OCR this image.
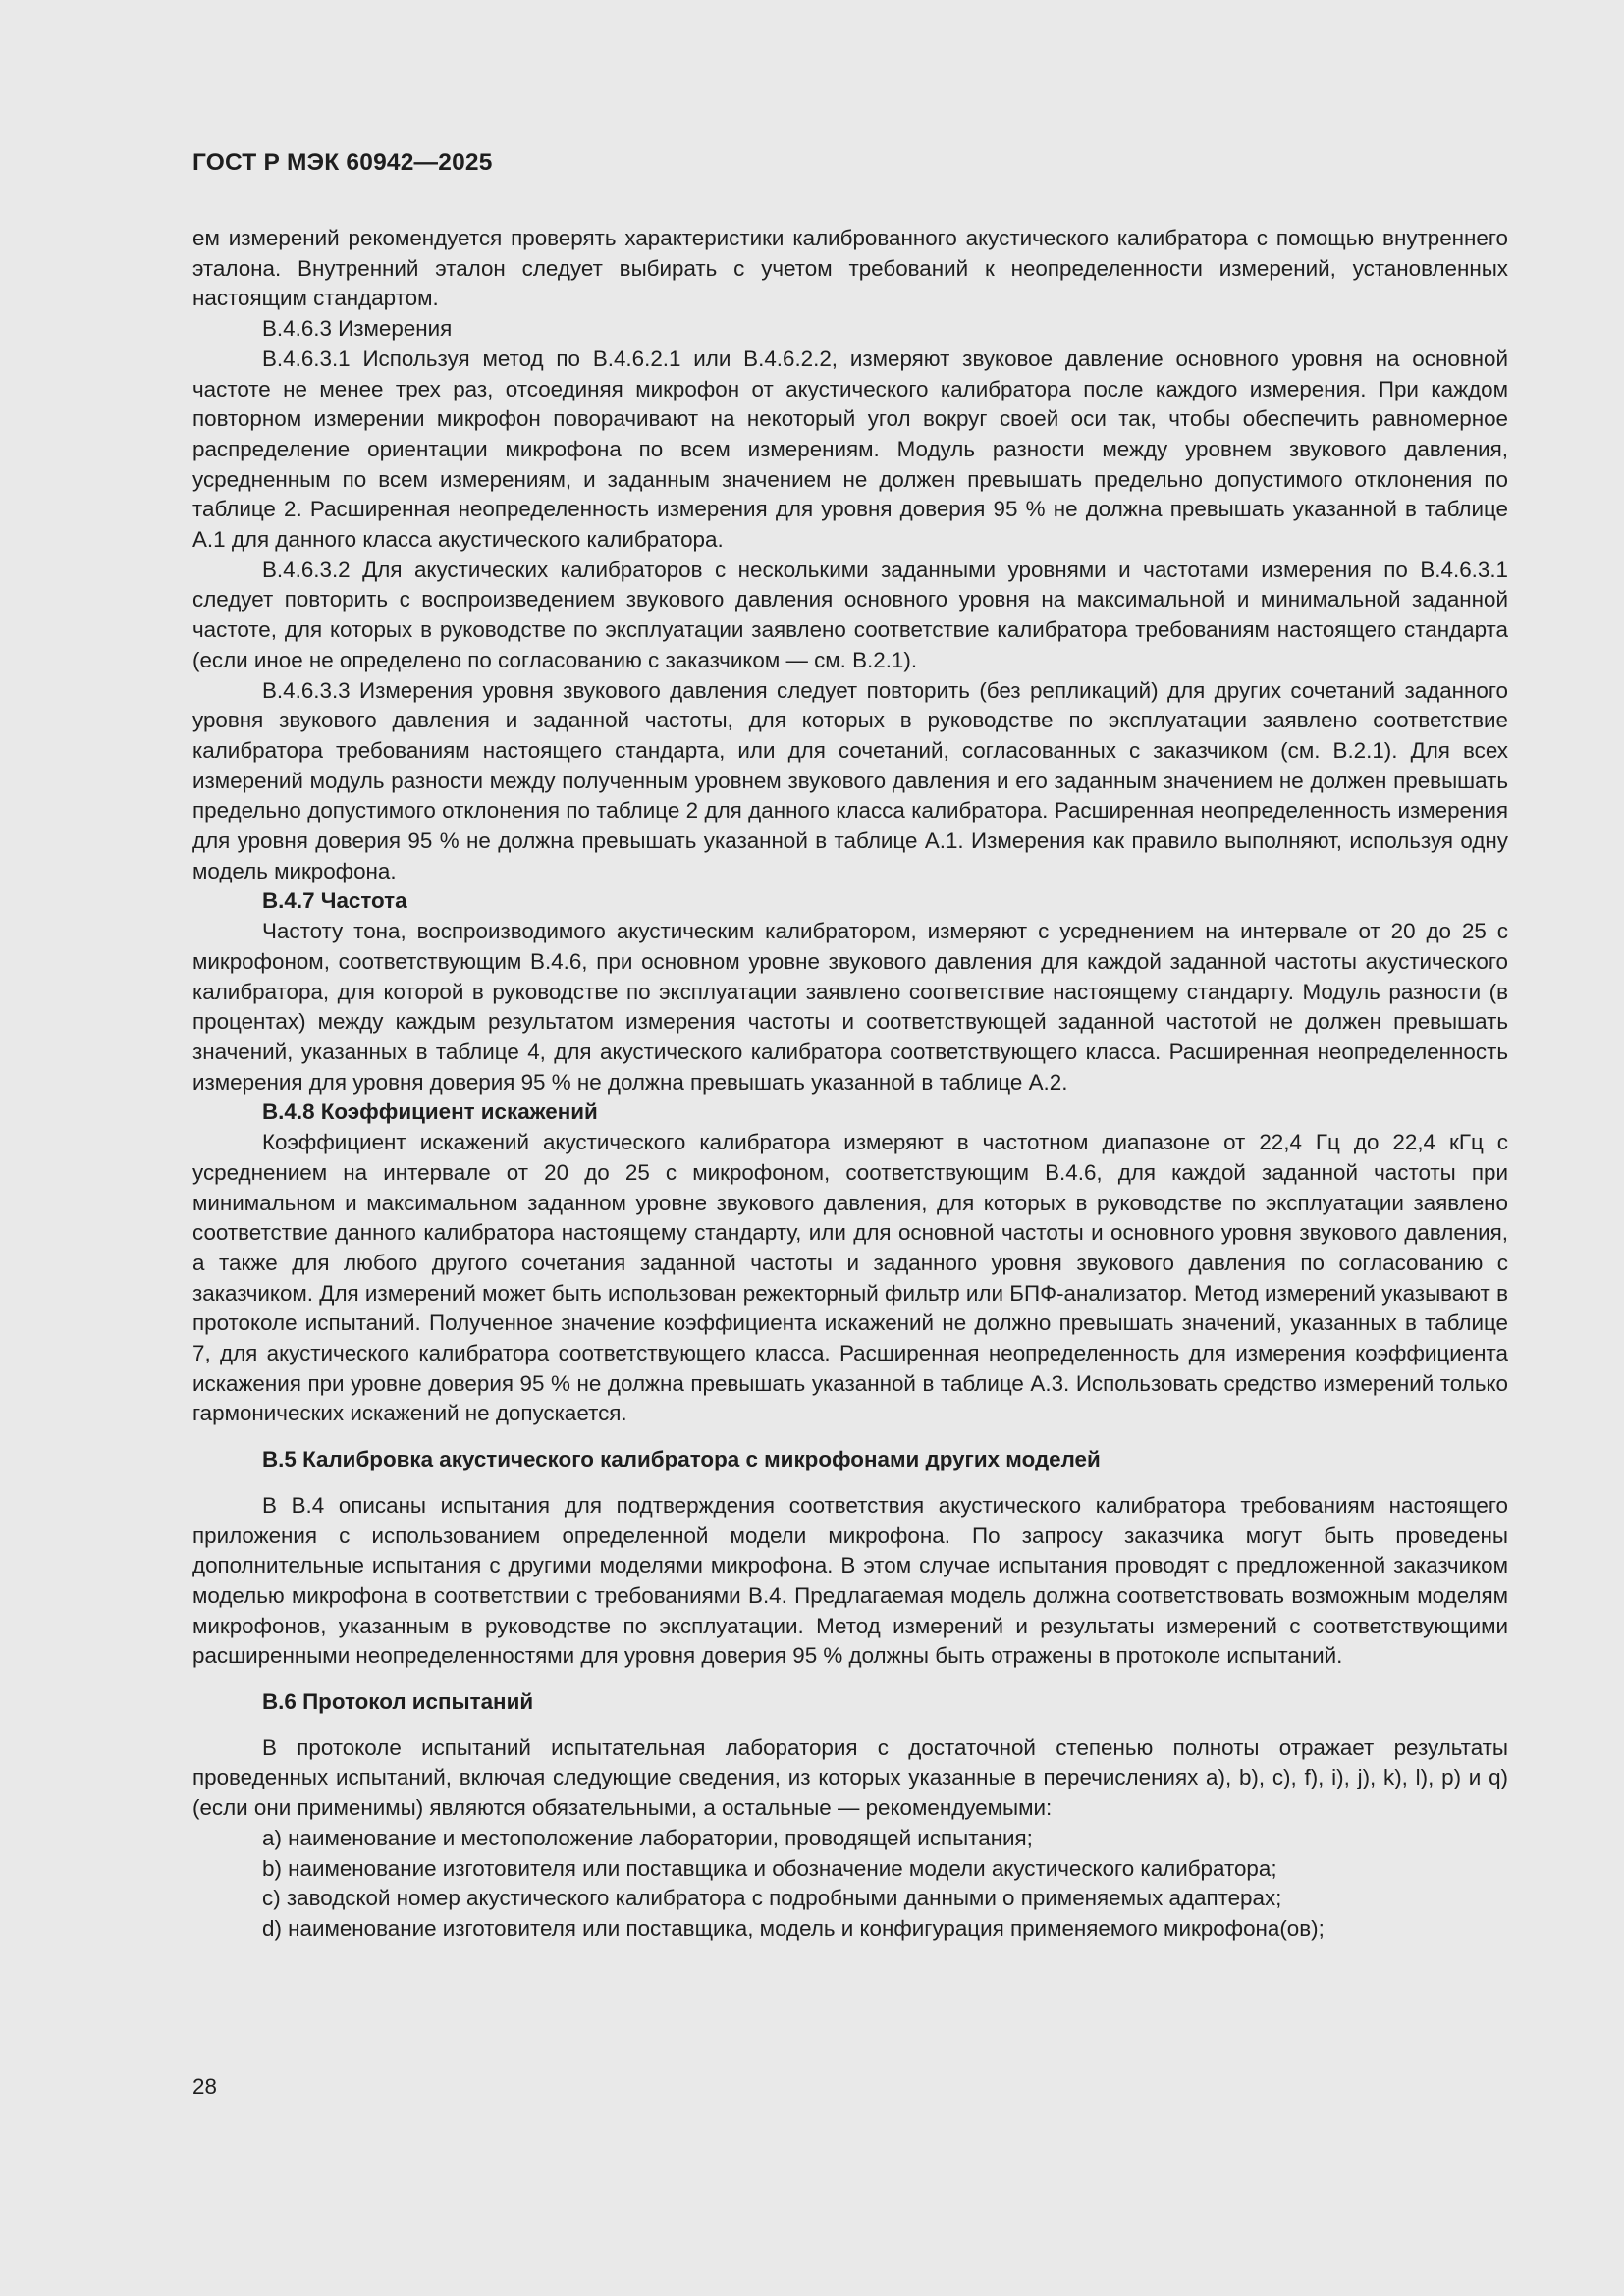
ГОСТ Р МЭК 60942—2025

ем измерений рекомендуется проверять характеристики калиброванного акустического калибратора с помощью внутреннего эталона. Внутренний эталон следует выбирать с учетом требований к неопределенности измерений, установленных настоящим стандартом.

В.4.6.3 Измерения

В.4.6.3.1 Используя метод по В.4.6.2.1 или В.4.6.2.2, измеряют звуковое давление основного уровня на основной частоте не менее трех раз, отсоединяя микрофон от акустического калибратора после каждого измерения. При каждом повторном измерении микрофон поворачивают на некоторый угол вокруг своей оси так, чтобы обеспечить равномерное распределение ориентации микрофона по всем измерениям. Модуль разности между уровнем звукового давления, усредненным по всем измерениям, и заданным значением не должен превышать предельно допустимого отклонения по таблице 2. Расширенная неопределенность измерения для уровня доверия 95 % не должна превышать указанной в таблице А.1 для данного класса акустического калибратора.

В.4.6.3.2 Для акустических калибраторов с несколькими заданными уровнями и частотами измерения по В.4.6.3.1 следует повторить с воспроизведением звукового давления основного уровня на максимальной и минимальной заданной частоте, для которых в руководстве по эксплуатации заявлено соответствие калибратора требованиям настоящего стандарта (если иное не определено по согласованию с заказчиком — см. В.2.1).

В.4.6.3.3 Измерения уровня звукового давления следует повторить (без репликаций) для других сочетаний заданного уровня звукового давления и заданной частоты, для которых в руководстве по эксплуатации заявлено соответствие калибратора требованиям настоящего стандарта, или для сочетаний, согласованных с заказчиком (см. В.2.1). Для всех измерений модуль разности между полученным уровнем звукового давления и его заданным значением не должен превышать предельно допустимого отклонения по таблице 2 для данного класса калибратора. Расширенная неопределенность измерения для уровня доверия 95 % не должна превышать указанной в таблице А.1. Измерения как правило выполняют, используя одну модель микрофона.

В.4.7 Частота

Частоту тона, воспроизводимого акустическим калибратором, измеряют с усреднением на интервале от 20 до 25 с микрофоном, соответствующим В.4.6, при основном уровне звукового давления для каждой заданной частоты акустического калибратора, для которой в руководстве по эксплуатации заявлено соответствие настоящему стандарту. Модуль разности (в процентах) между каждым результатом измерения частоты и соответствующей заданной частотой не должен превышать значений, указанных в таблице 4, для акустического калибратора соответствующего класса. Расширенная неопределенность измерения для уровня доверия 95 % не должна превышать указанной в таблице А.2.

В.4.8 Коэффициент искажений

Коэффициент искажений акустического калибратора измеряют в частотном диапазоне от 22,4 Гц до 22,4 кГц с усреднением на интервале от 20 до 25 с микрофоном, соответствующим В.4.6, для каждой заданной частоты при минимальном и максимальном заданном уровне звукового давления, для которых в руководстве по эксплуатации заявлено соответствие данного калибратора настоящему стандарту, или для основной частоты и основного уровня звукового давления, а также для любого другого сочетания заданной частоты и заданного уровня звукового давления по согласованию с заказчиком. Для измерений может быть использован режекторный фильтр или БПФ-анализатор. Метод измерений указывают в протоколе испытаний. Полученное значение коэффициента искажений не должно превышать значений, указанных в таблице 7, для акустического калибратора соответствующего класса. Расширенная неопределенность для измерения коэффициента искажения при уровне доверия 95 % не должна превышать указанной в таблице А.3. Использовать средство измерений только гармонических искажений не допускается.

В.5 Калибровка акустического калибратора с микрофонами других моделей

В В.4 описаны испытания для подтверждения соответствия акустического калибратора требованиям настоящего приложения с использованием определенной модели микрофона. По запросу заказчика могут быть проведены дополнительные испытания с другими моделями микрофона. В этом случае испытания проводят с предложенной заказчиком моделью микрофона в соответствии с требованиями В.4. Предлагаемая модель должна соответствовать возможным моделям микрофонов, указанным в руководстве по эксплуатации. Метод измерений и результаты измерений с соответствующими расширенными неопределенностями для уровня доверия 95 % должны быть отражены в протоколе испытаний.

В.6 Протокол испытаний

В протоколе испытаний испытательная лаборатория с достаточной степенью полноты отражает результаты проведенных испытаний, включая следующие сведения, из которых указанные в перечислениях a), b), c), f), i), j), k), l), p) и q) (если они применимы) являются обязательными, а остальные — рекомендуемыми:

a) наименование и местоположение лаборатории, проводящей испытания;

b) наименование изготовителя или поставщика и обозначение модели акустического калибратора;

c) заводской номер акустического калибратора с подробными данными о применяемых адаптерах;

d) наименование изготовителя или поставщика, модель и конфигурация применяемого микрофона(ов);

28
